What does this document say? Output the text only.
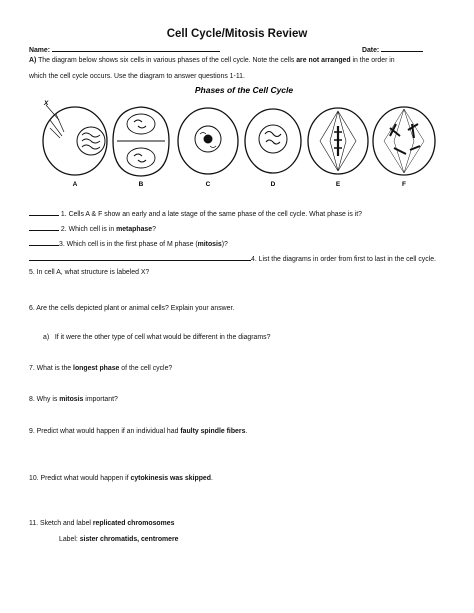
Cell Cycle/Mitosis Review
Name:	Date:
A) The diagram below shows six cells in various phases of the cell cycle. Note the cells are not arranged in the order in
which the cell cycle occurs. Use the diagram to answer questions 1-11.
Phases of the Cell Cycle
X
A	B	C	D	E	F
1. Cells A & F show an early and a late stage of the same phase of the cell cycle. What phase is it?
2. Which cell is in metaphase?
3. Which cell is in the first phase of M phase (mitosis)?
4. List the diagrams in order from first to last in the cell cycle.
5. In cell A, what structure is labeled X?
6. Are the cells depicted plant or animal cells? Explain your answer.
a) If it were the other type of cell what would be different in the diagrams?
7. What is the longest phase of the cell cycle?
8. Why is mitosis important?
9. Predict what would happen if an individual had faulty spindle fibers.
10. Predict what would happen if cytokinesis was skipped.
11. Sketch and label replicated chromosomes
Label: sister chromatids, centromere
